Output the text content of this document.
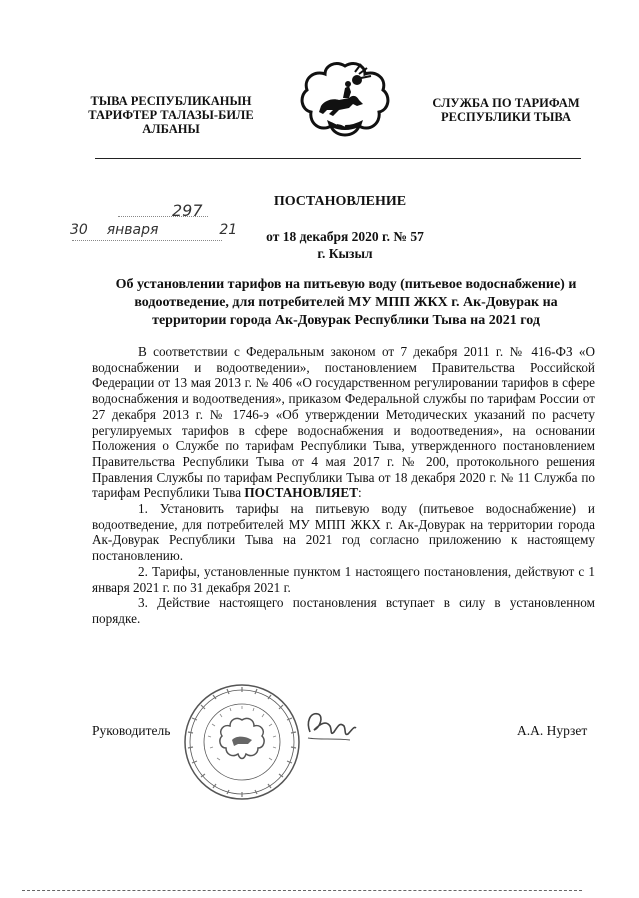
ТЫВА РЕСПУБЛИКАНЫН
ТАРИФТЕР ТАЛАЗЫ-БИЛЕ
АЛБАНЫ
СЛУЖБА ПО ТАРИФАМ
РЕСПУБЛИКИ ТЫВА
297
30 января	21
ПОСТАНОВЛЕНИЕ
от 18 декабря 2020 г. № 57
г. Кызыл
Об установлении тарифов на питьевую воду (питьевое водоснабжение) и
водоотведение, для потребителей МУ МПП ЖКХ г. Ак-Довурак на
территории города Ак-Довурак Республики Тыва на 2021 год

В соответствии с Федеральным законом от 7 декабря 2011 г. № 416-ФЗ «О водоснабжении и водоотведении», постановлением Правительства Российской Федерации от 13 мая 2013 г. № 406 «О государственном регулировании тарифов в сфере водоснабжения и водоотведения», приказом Федеральной службы по тарифам России от 27 декабря 2013 г. № 1746-э «Об утверждении Методических указаний по расчету регулируемых тарифов в сфере водоснабжения и водоотведения», на основании Положения о Службе по тарифам Республики Тыва, утвержденного постановлением Правительства Республики Тыва от 4 мая 2017 г. № 200, протокольного решения Правления Службы по тарифам Республики Тыва от 18 декабря 2020 г. № 11 Служба по тарифам Республики Тыва ПОСТАНОВЛЯЕТ:

1. Установить тарифы на питьевую воду (питьевое водоснабжение) и водоотведение, для потребителей МУ МПП ЖКХ г. Ак-Довурак на территории города Ак-Довурак Республики Тыва на 2021 год согласно приложению к настоящему постановлению.

2. Тарифы, установленные пунктом 1 настоящего постановления, действуют с 1 января 2021 г. по 31 декабря 2021 г.

3. Действие настоящего постановления вступает в силу в установленном порядке.

Руководитель	А.А. Нурзет
